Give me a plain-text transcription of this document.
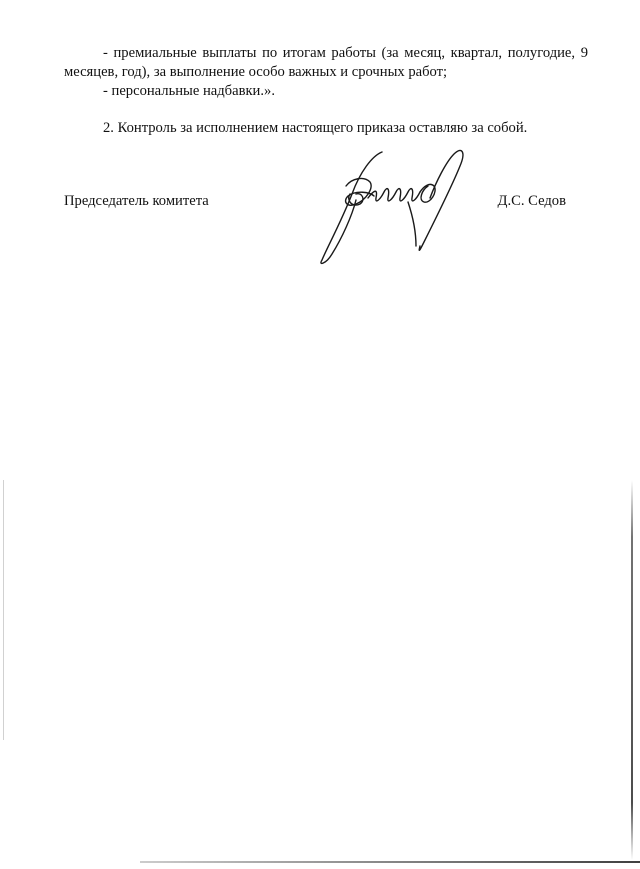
- премиальные выплаты по итогам работы (за месяц, квартал, полугодие, 9 месяцев, год), за выполнение особо важных и срочных работ;

- персональные надбавки.».

2. Контроль за исполнением настоящего приказа оставляю за собой.

Председатель комитета	Д.С. Седов
